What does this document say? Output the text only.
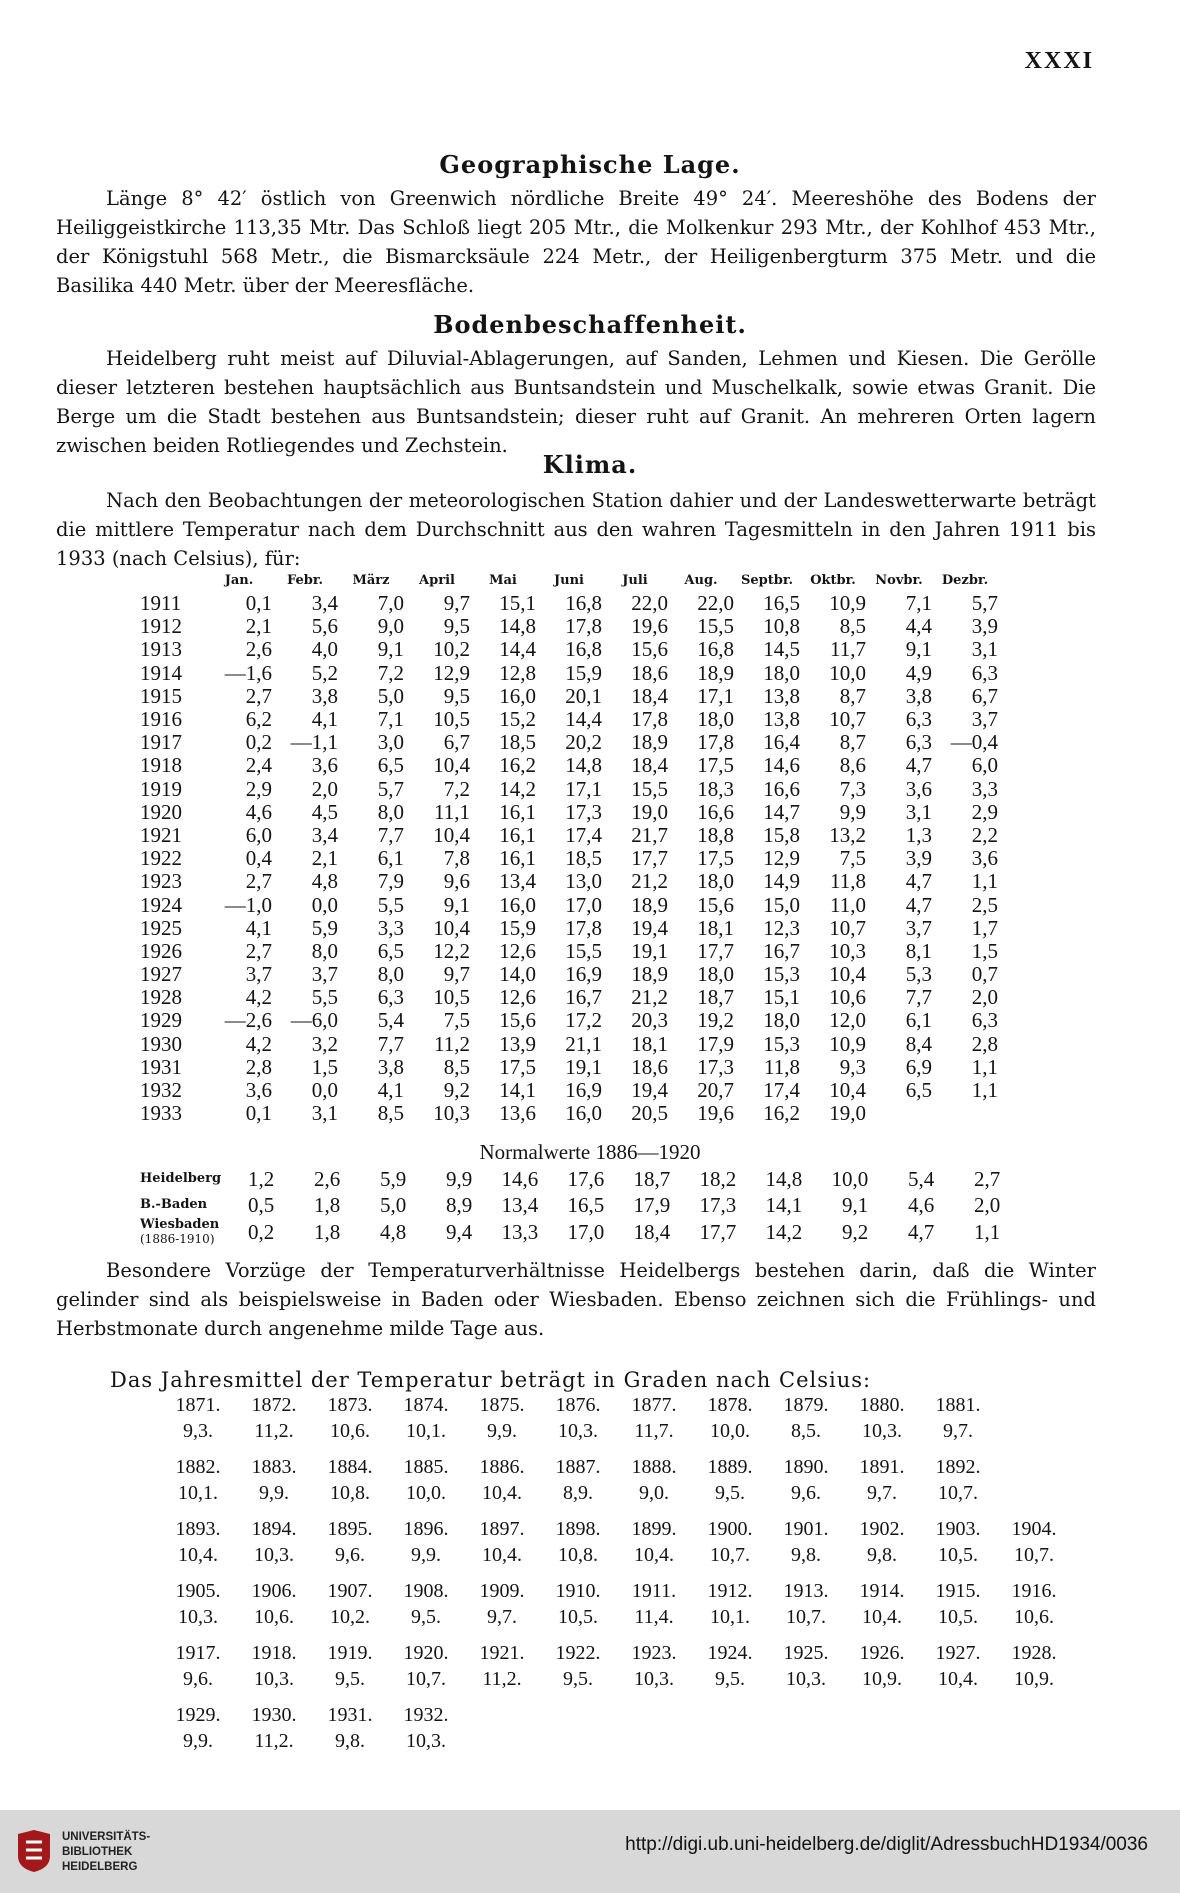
XXXI
Geographische Lage.

Länge 8° 42′ östlich von Greenwich nördliche Breite 49° 24′. Meereshöhe des Bodens der Heiliggeistkirche 113,35 Mtr. Das Schloß liegt 205 Mtr., die Molkenkur 293 Mtr., der Kohlhof 453 Mtr., der Königstuhl 568 Metr., die Bismarcksäule 224 Metr., der Heiligenbergturm 375 Metr. und die Basilika 440 Metr. über der Meeresfläche.

Bodenbeschaffenheit.

Heidelberg ruht meist auf Diluvial-Ablagerungen, auf Sanden, Lehmen und Kiesen. Die Gerölle dieser letzteren bestehen hauptsächlich aus Buntsandstein und Muschelkalk, sowie etwas Granit. Die Berge um die Stadt bestehen aus Buntsandstein; dieser ruht auf Granit. An mehreren Orten lagern zwischen beiden Rotliegendes und Zechstein.

Klima.

Nach den Beobachtungen der meteorologischen Station dahier und der Landeswetterwarte beträgt die mittlere Temperatur nach dem Durchschnitt aus den wahren Tagesmitteln in den Jahren 1911 bis 1933 (nach Celsius), für:

	Jan.	Febr.	März	April	Mai	Juni	Juli	Aug.	Septbr.	Oktbr.	Novbr.	Dezbr.
1911	0,1	3,4	7,0	9,7	15,1	16,8	22,0	22,0	16,5	10,9	7,1	5,7
1912	2,1	5,6	9,0	9,5	14,8	17,8	19,6	15,5	10,8	8,5	4,4	3,9
1913	2,6	4,0	9,1	10,2	14,4	16,8	15,6	16,8	14,5	11,7	9,1	3,1
1914	—1,6	5,2	7,2	12,9	12,8	15,9	18,6	18,9	18,0	10,0	4,9	6,3
1915	2,7	3,8	5,0	9,5	16,0	20,1	18,4	17,1	13,8	8,7	3,8	6,7
1916	6,2	4,1	7,1	10,5	15,2	14,4	17,8	18,0	13,8	10,7	6,3	3,7
1917	0,2	—1,1	3,0	6,7	18,5	20,2	18,9	17,8	16,4	8,7	6,3	—0,4
1918	2,4	3,6	6,5	10,4	16,2	14,8	18,4	17,5	14,6	8,6	4,7	6,0
1919	2,9	2,0	5,7	7,2	14,2	17,1	15,5	18,3	16,6	7,3	3,6	3,3
1920	4,6	4,5	8,0	11,1	16,1	17,3	19,0	16,6	14,7	9,9	3,1	2,9
1921	6,0	3,4	7,7	10,4	16,1	17,4	21,7	18,8	15,8	13,2	1,3	2,2
1922	0,4	2,1	6,1	7,8	16,1	18,5	17,7	17,5	12,9	7,5	3,9	3,6
1923	2,7	4,8	7,9	9,6	13,4	13,0	21,2	18,0	14,9	11,8	4,7	1,1
1924	—1,0	0,0	5,5	9,1	16,0	17,0	18,9	15,6	15,0	11,0	4,7	2,5
1925	4,1	5,9	3,3	10,4	15,9	17,8	19,4	18,1	12,3	10,7	3,7	1,7
1926	2,7	8,0	6,5	12,2	12,6	15,5	19,1	17,7	16,7	10,3	8,1	1,5
1927	3,7	3,7	8,0	9,7	14,0	16,9	18,9	18,0	15,3	10,4	5,3	0,7
1928	4,2	5,5	6,3	10,5	12,6	16,7	21,2	18,7	15,1	10,6	7,7	2,0
1929	—2,6	—6,0	5,4	7,5	15,6	17,2	20,3	19,2	18,0	12,0	6,1	6,3
1930	4,2	3,2	7,7	11,2	13,9	21,1	18,1	17,9	15,3	10,9	8,4	2,8
1931	2,8	1,5	3,8	8,5	17,5	19,1	18,6	17,3	11,8	9,3	6,9	1,1
1932	3,6	0,0	4,1	9,2	14,1	16,9	19,4	20,7	17,4	10,4	6,5	1,1
1933	0,1	3,1	8,5	10,3	13,6	16,0	20,5	19,6	16,2	19,0		
Normalwerte 1886—1920
Heidelberg	1,2	2,6	5,9	9,9	14,6	17,6	18,7	18,2	14,8	10,0	5,4	2,7
B.-Baden	0,5	1,8	5,0	8,9	13,4	16,5	17,9	17,3	14,1	9,1	4,6	2,0
Wiesbaden
(1886-1910)	0,2	1,8	4,8	9,4	13,3	17,0	18,4	17,7	14,2	9,2	4,7	1,1

Besondere Vorzüge der Temperaturverhältnisse Heidelbergs bestehen darin, daß die Winter gelinder sind als beispielsweise in Baden oder Wiesbaden. Ebenso zeichnen sich die Frühlings- und Herbstmonate durch angenehme milde Tage aus.

Das Jahresmittel der Temperatur beträgt in Graden nach Celsius:
1871.	1872.	1873.	1874.	1875.	1876.	1877.	1878.	1879.	1880.	1881.
9,3.	11,2.	10,6.	10,1.	9,9.	10,3.	11,7.	10,0.	8,5.	10,3.	9,7.
1882.	1883.	1884.	1885.	1886.	1887.	1888.	1889.	1890.	1891.	1892.
10,1.	9,9.	10,8.	10,0.	10,4.	8,9.	9,0.	9,5.	9,6.	9,7.	10,7.
1893.	1894.	1895.	1896.	1897.	1898.	1899.	1900.	1901.	1902.	1903.	1904.
10,4.	10,3.	9,6.	9,9.	10,4.	10,8.	10,4.	10,7.	9,8.	9,8.	10,5.	10,7.
1905.	1906.	1907.	1908.	1909.	1910.	1911.	1912.	1913.	1914.	1915.	1916.
10,3.	10,6.	10,2.	9,5.	9,7.	10,5.	11,4.	10,1.	10,7.	10,4.	10,5.	10,6.
1917.	1918.	1919.	1920.	1921.	1922.	1923.	1924.	1925.	1926.	1927.	1928.
9,6.	10,3.	9,5.	10,7.	11,2.	9,5.	10,3.	9,5.	10,3.	10,9.	10,4.	10,9.
1929.	1930.	1931.	1932.
9,9.	11,2.	9,8.	10,3.
UNIVERSITÄTS-
BIBLIOTHEK
HEIDELBERG
http://digi.ub.uni-heidelberg.de/diglit/AdressbuchHD1934/0036
